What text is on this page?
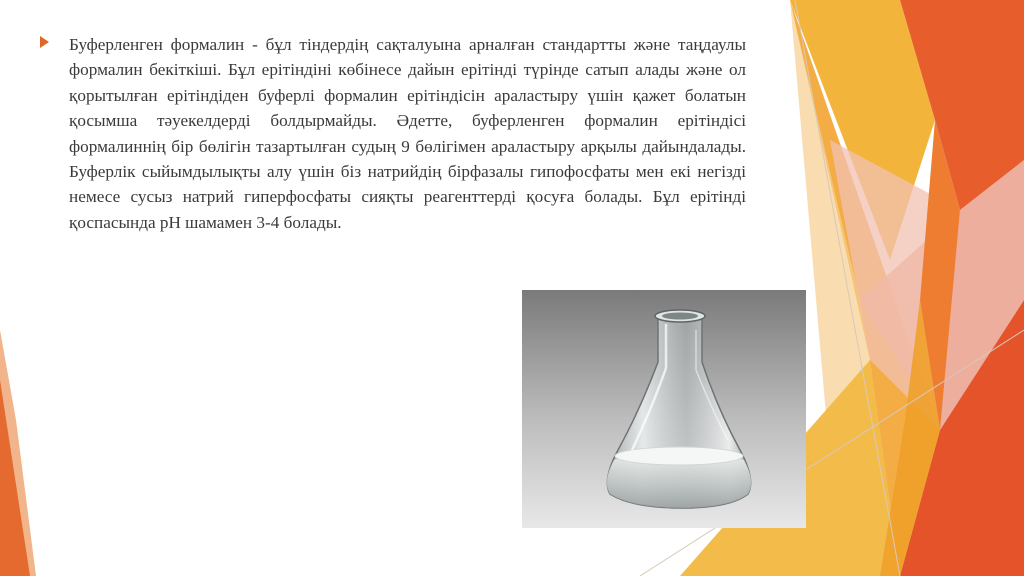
Буферленген формалин - бұл тіндердің сақталуына арналған стандартты және таңдаулы формалин бекіткіші. Бұл ерітіндіні көбінесе дайын ерітінді түрінде сатып алады және ол қорытылған ерітіндіден буферлі формалин ерітіндісін араластыру үшін қажет болатын қосымша тәуекелдерді болдырмайды. Әдетте, буферленген формалин ерітіндісі формалиннің бір бөлігін тазартылған судың 9 бөлігімен араластыру арқылы дайындалады. Буферлік сыйымдылықты алу үшін біз натрийдің бірфазалы гипофосфаты мен екі негізді немесе сусыз натрий гиперфосфаты сияқты реагенттерді қосуға болады. Бұл ерітінді қоспасында pH шамамен 3-4 болады.
